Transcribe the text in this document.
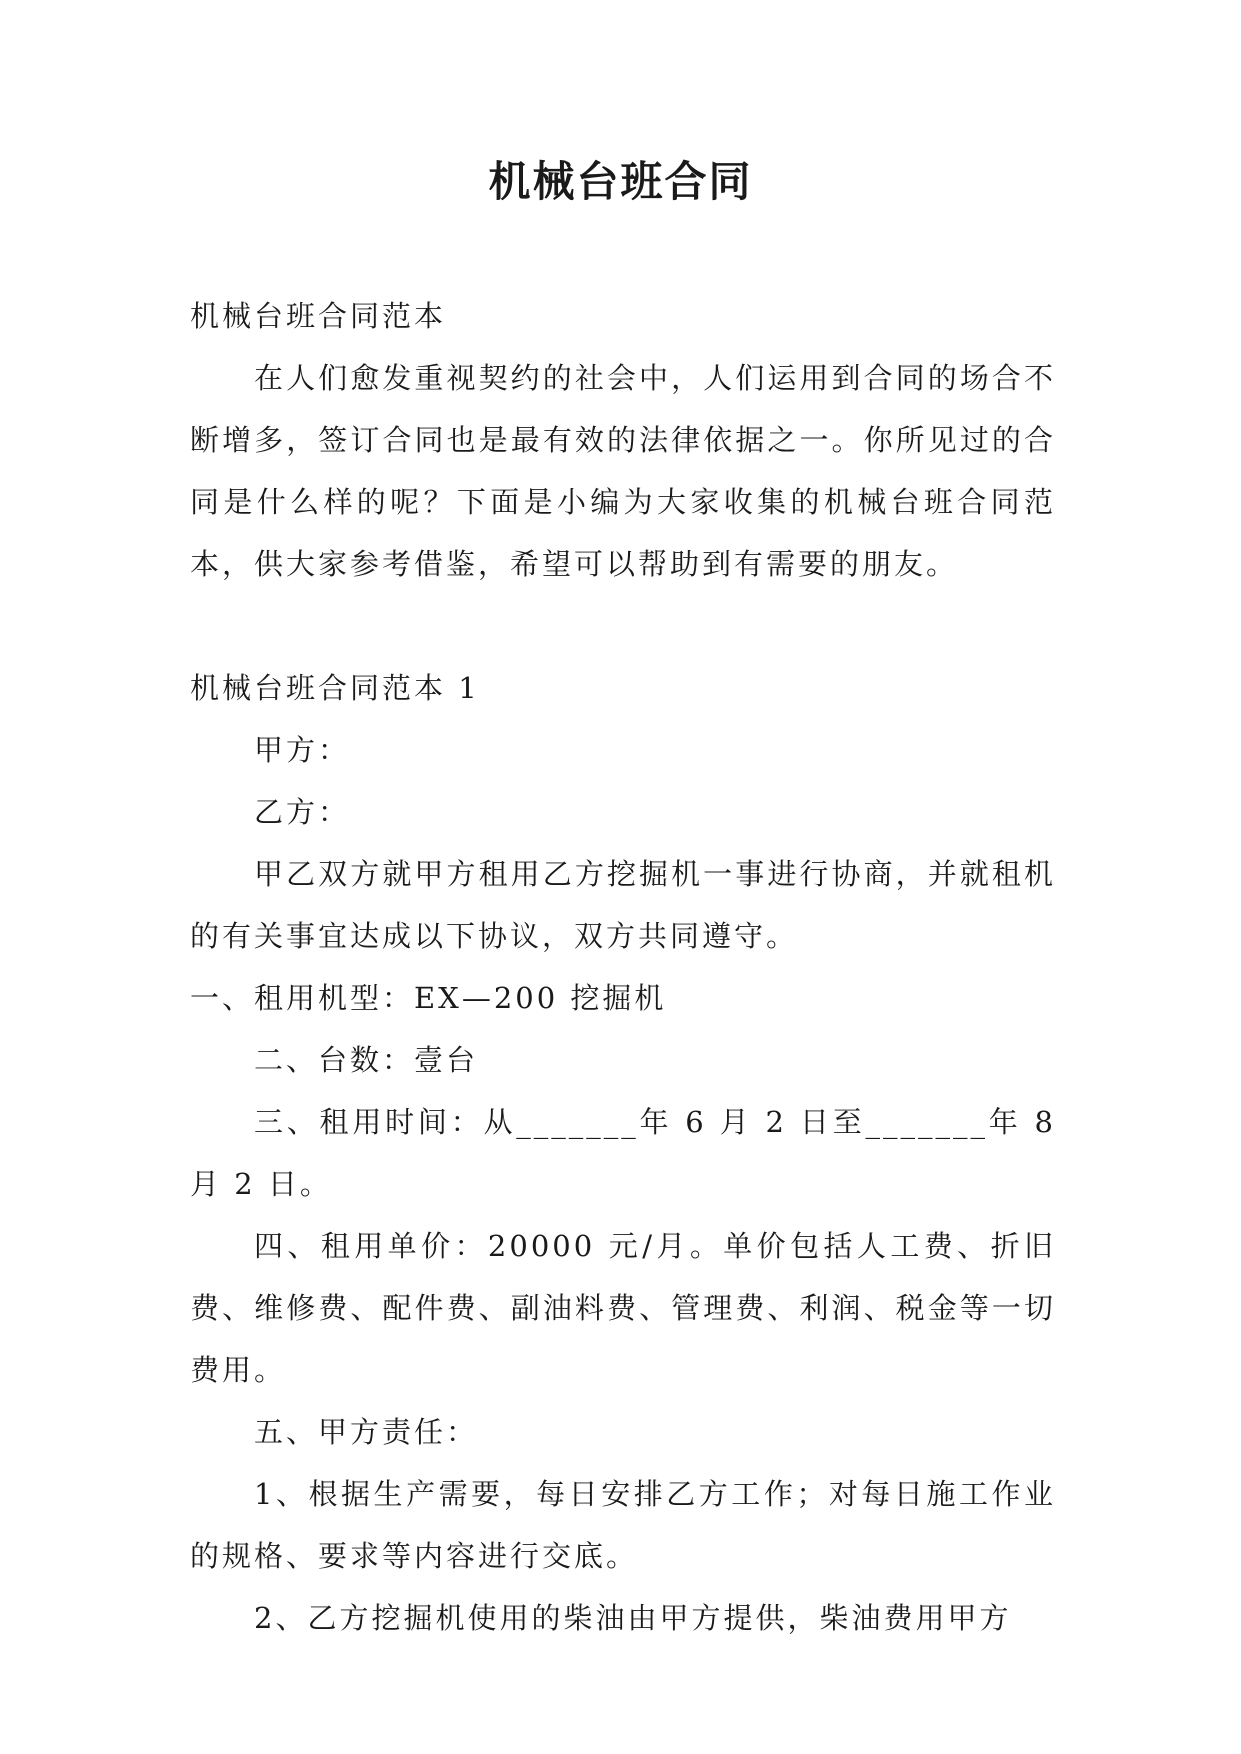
机械台班合同

机械台班合同范本

在人们愈发重视契约的社会中，人们运用到合同的场合不断增多，签订合同也是最有效的法律依据之一。你所见过的合同是什么样的呢？下面是小编为大家收集的机械台班合同范本，供大家参考借鉴，希望可以帮助到有需要的朋友。

机械台班合同范本 1

甲方：

乙方：

甲乙双方就甲方租用乙方挖掘机一事进行协商，并就租机的有关事宜达成以下协议，双方共同遵守。

一、租用机型：EX—200 挖掘机

二、台数：壹台

三、租用时间：从_______年 6 月 2 日至_______年 8 月 2 日。

四、租用单价：20000 元/月。单价包括人工费、折旧费、维修费、配件费、副油料费、管理费、利润、税金等一切费用。

五、甲方责任：

1、根据生产需要，每日安排乙方工作；对每日施工作业的规格、要求等内容进行交底。

2、乙方挖掘机使用的柴油由甲方提供，柴油费用甲方
